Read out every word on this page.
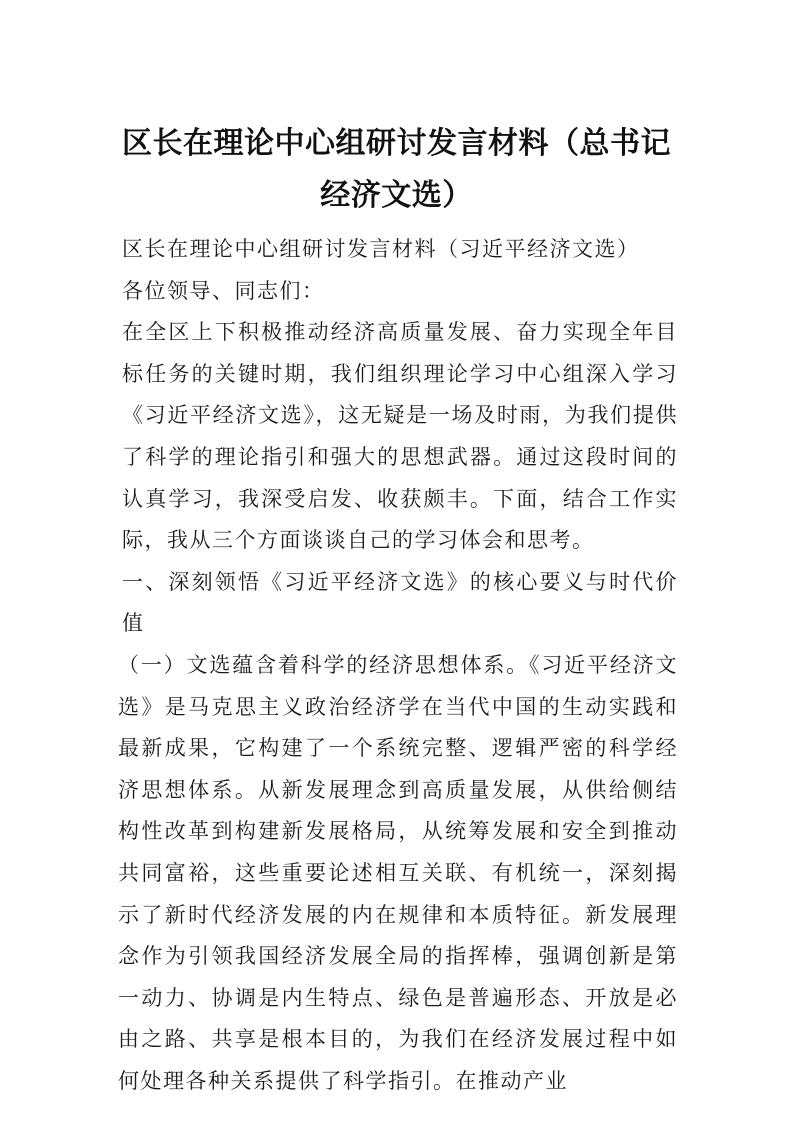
区长在理论中心组研讨发言材料（总书记经济文选）

区长在理论中心组研讨发言材料（习近平经济文选）

各位领导、同志们：

在全区上下积极推动经济高质量发展、奋力实现全年目标任务的关键时期，我们组织理论学习中心组深入学习《习近平经济文选》，这无疑是一场及时雨，为我们提供了科学的理论指引和强大的思想武器。通过这段时间的认真学习，我深受启发、收获颇丰。下面，结合工作实际，我从三个方面谈谈自己的学习体会和思考。

一、深刻领悟《习近平经济文选》的核心要义与时代价值

（一）文选蕴含着科学的经济思想体系。《习近平经济文选》是马克思主义政治经济学在当代中国的生动实践和最新成果，它构建了一个系统完整、逻辑严密的科学经济思想体系。从新发展理念到高质量发展，从供给侧结构性改革到构建新发展格局，从统筹发展和安全到推动共同富裕，这些重要论述相互关联、有机统一，深刻揭示了新时代经济发展的内在规律和本质特征。新发展理念作为引领我国经济发展全局的指挥棒，强调创新是第一动力、协调是内生特点、绿色是普遍形态、开放是必由之路、共享是根本目的，为我们在经济发展过程中如何处理各种关系提供了科学指引。在推动产业
